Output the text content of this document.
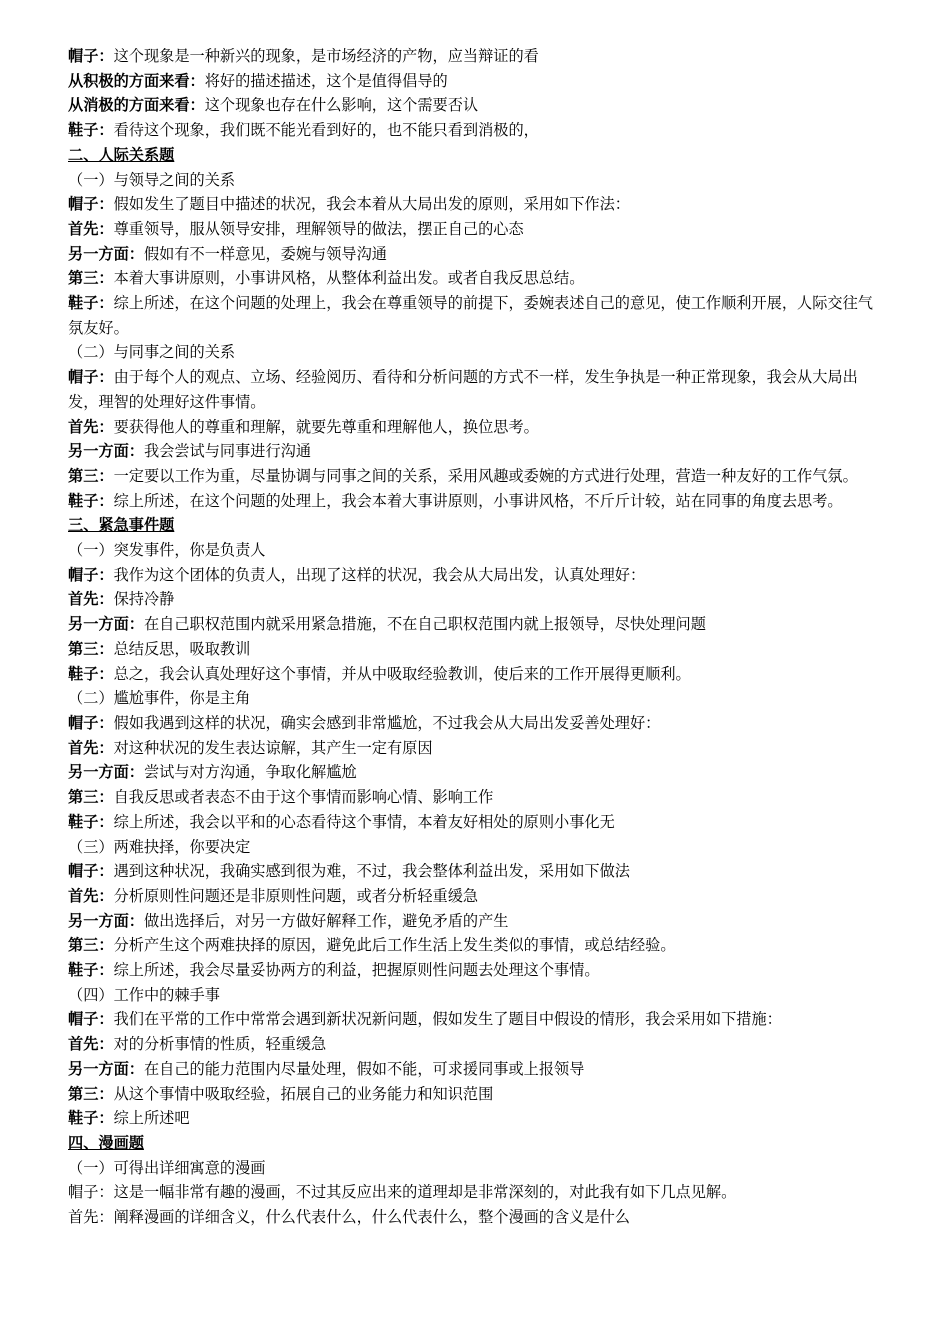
帽子：这个现象是一种新兴的现象，是市场经济的产物，应当辩证的看

从积极的方面来看：将好的描述描述，这个是值得倡导的

从消极的方面来看：这个现象也存在什么影响，这个需要否认

鞋子：看待这个现象，我们既不能光看到好的，也不能只看到消极的，

二、人际关系题

（一）与领导之间的关系

帽子：假如发生了题目中描述的状况，我会本着从大局出发的原则，采用如下作法：

首先：尊重领导，服从领导安排，理解领导的做法，摆正自己的心态

另一方面：假如有不一样意见，委婉与领导沟通

第三：本着大事讲原则，小事讲风格，从整体利益出发。或者自我反思总结。

鞋子：综上所述，在这个问题的处理上，我会在尊重领导的前提下，委婉表述自己的意见，使工作顺利开展，人际交往气氛友好。

（二）与同事之间的关系

帽子：由于每个人的观点、立场、经验阅历、看待和分析问题的方式不一样，发生争执是一种正常现象，我会从大局出发，理智的处理好这件事情。

首先：要获得他人的尊重和理解，就要先尊重和理解他人，换位思考。

另一方面：我会尝试与同事进行沟通

第三：一定要以工作为重，尽量协调与同事之间的关系，采用风趣或委婉的方式进行处理，营造一种友好的工作气氛。

鞋子：综上所述，在这个问题的处理上，我会本着大事讲原则，小事讲风格，不斤斤计较，站在同事的角度去思考。

三、紧急事件题

（一）突发事件，你是负责人

帽子：我作为这个团体的负责人，出现了这样的状况，我会从大局出发，认真处理好：

首先：保持冷静

另一方面：在自己职权范围内就采用紧急措施，不在自己职权范围内就上报领导，尽快处理问题

第三：总结反思，吸取教训

鞋子：总之，我会认真处理好这个事情，并从中吸取经验教训，使后来的工作开展得更顺利。

（二）尴尬事件，你是主角

帽子：假如我遇到这样的状况，确实会感到非常尴尬，不过我会从大局出发妥善处理好：

首先：对这种状况的发生表达谅解，其产生一定有原因

另一方面：尝试与对方沟通，争取化解尴尬

第三：自我反思或者表态不由于这个事情而影响心情、影响工作

鞋子：综上所述，我会以平和的心态看待这个事情，本着友好相处的原则小事化无

（三）两难抉择，你要决定

帽子：遇到这种状况，我确实感到很为难，不过，我会整体利益出发，采用如下做法

首先：分析原则性问题还是非原则性问题，或者分析轻重缓急

另一方面：做出选择后，对另一方做好解释工作，避免矛盾的产生

第三：分析产生这个两难抉择的原因，避免此后工作生活上发生类似的事情，或总结经验。

鞋子：综上所述，我会尽量妥协两方的利益，把握原则性问题去处理这个事情。

（四）工作中的棘手事

帽子：我们在平常的工作中常常会遇到新状况新问题，假如发生了题目中假设的情形，我会采用如下措施：

首先：对的分析事情的性质，轻重缓急

另一方面：在自己的能力范围内尽量处理，假如不能，可求援同事或上报领导

第三：从这个事情中吸取经验，拓展自己的业务能力和知识范围

鞋子：综上所述吧

四、漫画题

（一）可得出详细寓意的漫画

帽子：这是一幅非常有趣的漫画，不过其反应出来的道理却是非常深刻的，对此我有如下几点见解。

首先：阐释漫画的详细含义，什么代表什么，什么代表什么，整个漫画的含义是什么
